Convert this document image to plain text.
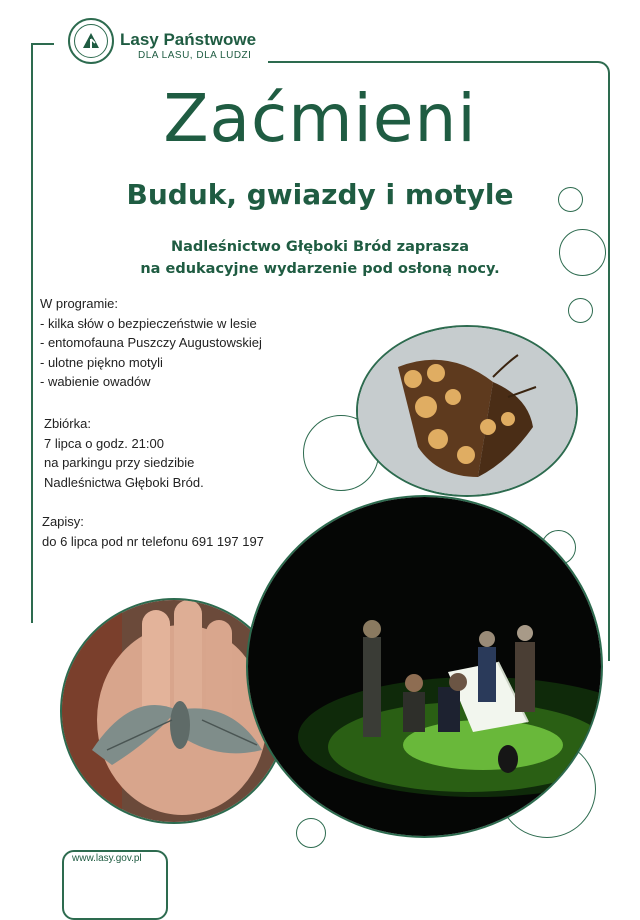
Lasy Państwowe
DLA LASU, DLA LUDZI
Zaćmieni
Buduk, gwiazdy i motyle
Nadleśnictwo Głęboki Bród zaprasza
na edukacyjne wydarzenie pod osłoną nocy.
W programie:
- kilka słów o bezpieczeństwie w lesie
- entomofauna Puszczy Augustowskiej
- ulotne piękno motyli
- wabienie owadów
Zbiórka:
7 lipca o godz. 21:00
na parkingu przy siedzibie
Nadleśnictwa Głęboki Bród.
Zapisy:
do 6 lipca pod nr telefonu 691 197 197
www.lasy.gov.pl
